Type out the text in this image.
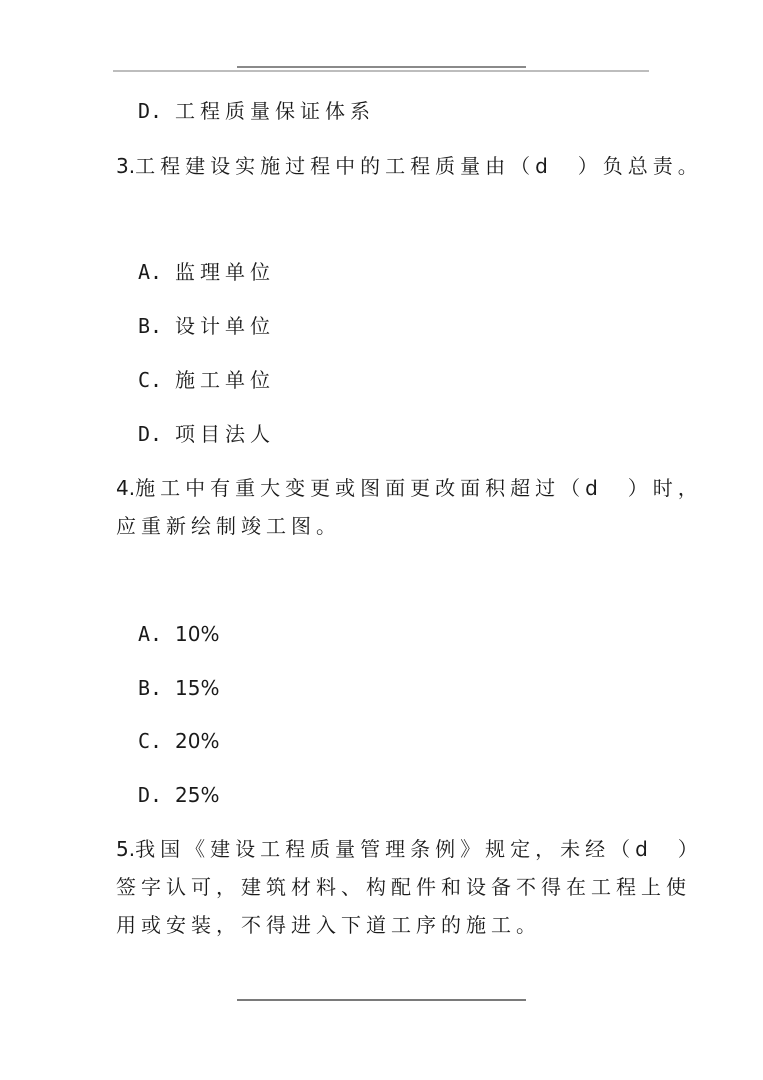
D. 工程质量保证体系
3.工程建设实施过程中的工程质量由（d　）负总责。
A. 监理单位
B. 设计单位
C. 施工单位
D. 项目法人
4.施工中有重大变更或图面更改面积超过（d　）时，
应重新绘制竣工图。
A. 10%
B. 15%
C. 20%
D. 25%
5.我国《建设工程质量管理条例》规定，未经（d　）
签字认可，建筑材料、构配件和设备不得在工程上使
用或安装，不得进入下道工序的施工。
